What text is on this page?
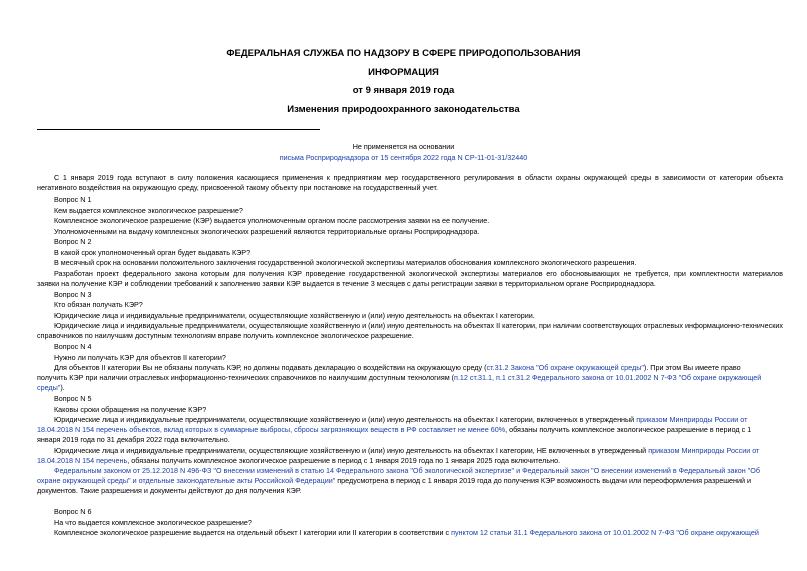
ФЕДЕРАЛЬНАЯ СЛУЖБА ПО НАДЗОРУ В СФЕРЕ ПРИРОДОПОЛЬЗОВАНИЯ
ИНФОРМАЦИЯ
от 9 января 2019 года
Изменения природоохранного законодательства
Не применяется на основании
письма Росприроднадзора от 15 сентября 2022 года N СР-11-01-31/32440
С 1 января 2019 года вступают в силу положения касающиеся применения к предприятиям мер государственного регулирования в области охраны окружающей среды в зависимости от категории объекта
негативного воздействия на окружающую среду, присвоенной такому объекту при постановке на государственный учет.
Вопрос N 1
Кем выдается комплексное экологическое разрешение?
Комплексное экологическое разрешение (КЭР) выдается уполномоченным органом после рассмотрения заявки на ее получение.
Уполномоченными на выдачу комплексных экологических разрешений являются территориальные органы Росприроднадзора.
Вопрос N 2
В какой срок уполномоченный орган будет выдавать КЭР?
В месячный срок на основании положительного заключения государственной экологической экспертизы материалов обоснования комплексного экологического разрешения.
Разработан проект федерального закона которым для получения КЭР проведение государственной экологической экспертизы материалов его обосновывающих не требуется, при комплектности материалов
заявки на получение КЭР и соблюдении требований к заполнению заявки КЭР выдается в течение 3 месяцев с даты регистрации заявки в территориальном органе Росприроднадзора.
Вопрос N 3
Кто обязан получать КЭР?
Юридические лица и индивидуальные предприниматели, осуществляющие хозяйственную и (или) иную деятельность на объектах I категории.
Юридические лица и индивидуальные предприниматели, осуществляющие хозяйственную и (или) иную деятельность на объектах II категории, при наличии соответствующих отраслевых информационно-технических
справочников по наилучшим доступным технологиям вправе получить комплексное экологическое разрешение.
Вопрос N 4
Нужно ли получать КЭР для объектов II категории?
Для объектов II категории Вы не обязаны получать КЭР, но должны подавать декларацию о воздействии на окружающую среду (ст.31.2 Закона "Об охране окружающей среды"). При этом Вы имеете право
получить КЭР при наличии отраслевых информационно-технических справочников по наилучшим доступным технологиям (п.12 ст.31.1, п.1 ст.31.2 Федерального закона от 10.01.2002 N 7-ФЗ "Об охране окружающей
среды").
Вопрос N 5
Каковы сроки обращения на получение КЭР?
Юридические лица и индивидуальные предприниматели, осуществляющие хозяйственную и (или) иную деятельность на объектах I категории, включенных в утвержденный приказом Минприроды России от
18.04.2018 N 154 перечень объектов, вклад которых в суммарные выбросы, сбросы загрязняющих веществ в РФ составляет не менее 60%, обязаны получить комплексное экологическое разрешение в период с 1
января 2019 года по 31 декабря 2022 года включительно.
Юридические лица и индивидуальные предприниматели, осуществляющие хозяйственную и (или) иную деятельность на объектах I категории, НЕ включенных в утвержденный приказом Минприроды России от
18.04.2018 N 154 перечень, обязаны получить комплексное экологическое разрешение в период с 1 января 2019 года по 1 января 2025 года включительно.
Федеральным законом от 25.12.2018 N 496-ФЗ "О внесении изменений в статью 14 Федерального закона "Об экологической экспертизе" и Федеральный закон "О внесении изменений в Федеральный закон "Об
охране окружающей среды" и отдельные законодательные акты Российской Федерации" предусмотрена в период с 1 января 2019 года до получения КЭР возможность выдачи или переоформления разрешений и
документов. Такие разрешения и документы действуют до дня получения КЭР.
Вопрос N 6
На что выдается комплексное экологическое разрешение?
Комплексное экологическое разрешение выдается на отдельный объект I категории или II категории в соответствии с пунктом 12 статьи 31.1 Федерального закона от 10.01.2002 N 7-ФЗ "Об охране окружающей
